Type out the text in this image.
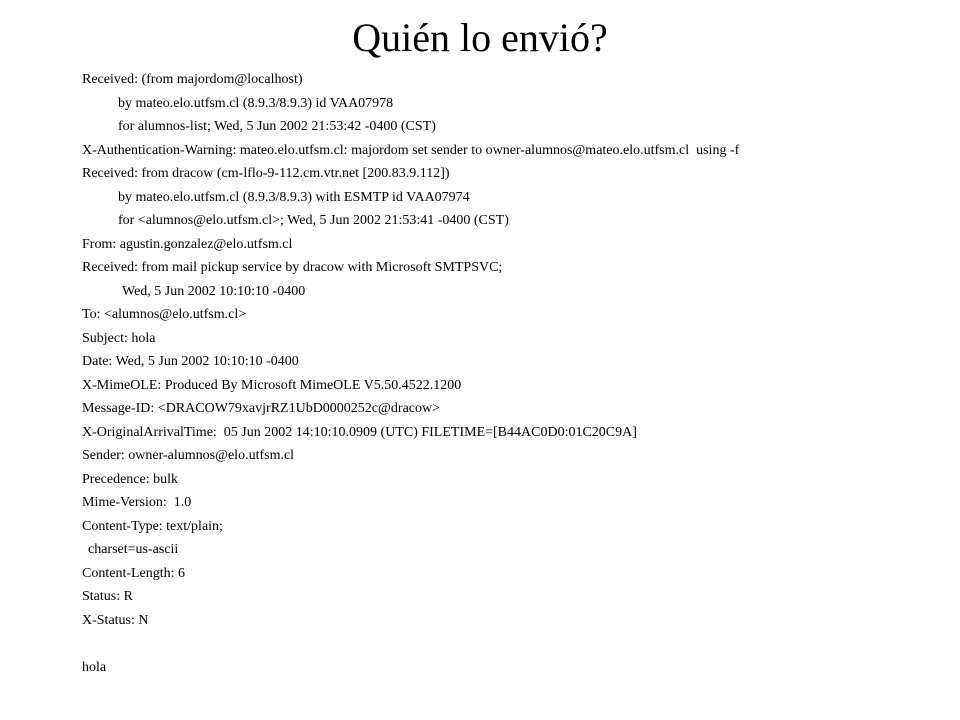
Quién lo envió?
Received: (from majordom@localhost)
by mateo.elo.utfsm.cl (8.9.3/8.9.3) id VAA07978
for alumnos-list; Wed, 5 Jun 2002 21:53:42 -0400 (CST)
X-Authentication-Warning: mateo.elo.utfsm.cl: majordom set sender to owner-alumnos@mateo.elo.utfsm.cl  using -f
Received: from dracow (cm-lflo-9-112.cm.vtr.net [200.83.9.112])
by mateo.elo.utfsm.cl (8.9.3/8.9.3) with ESMTP id VAA07974
for <alumnos@elo.utfsm.cl>; Wed, 5 Jun 2002 21:53:41 -0400 (CST)
From: agustin.gonzalez@elo.utfsm.cl
Received: from mail pickup service by dracow with Microsoft SMTPSVC;
Wed, 5 Jun 2002 10:10:10 -0400
To: <alumnos@elo.utfsm.cl>
Subject: hola
Date: Wed, 5 Jun 2002 10:10:10 -0400
X-MimeOLE: Produced By Microsoft MimeOLE V5.50.4522.1200
Message-ID: <DRACOW79xavjrRZ1UbD0000252c@dracow>
X-OriginalArrivalTime:  05 Jun 2002 14:10:10.0909 (UTC) FILETIME=[B44AC0D0:01C20C9A]
Sender: owner-alumnos@elo.utfsm.cl
Precedence: bulk
Mime-Version:  1.0
Content-Type: text/plain;
charset=us-ascii
Content-Length: 6
Status: R
X-Status: N
hola
